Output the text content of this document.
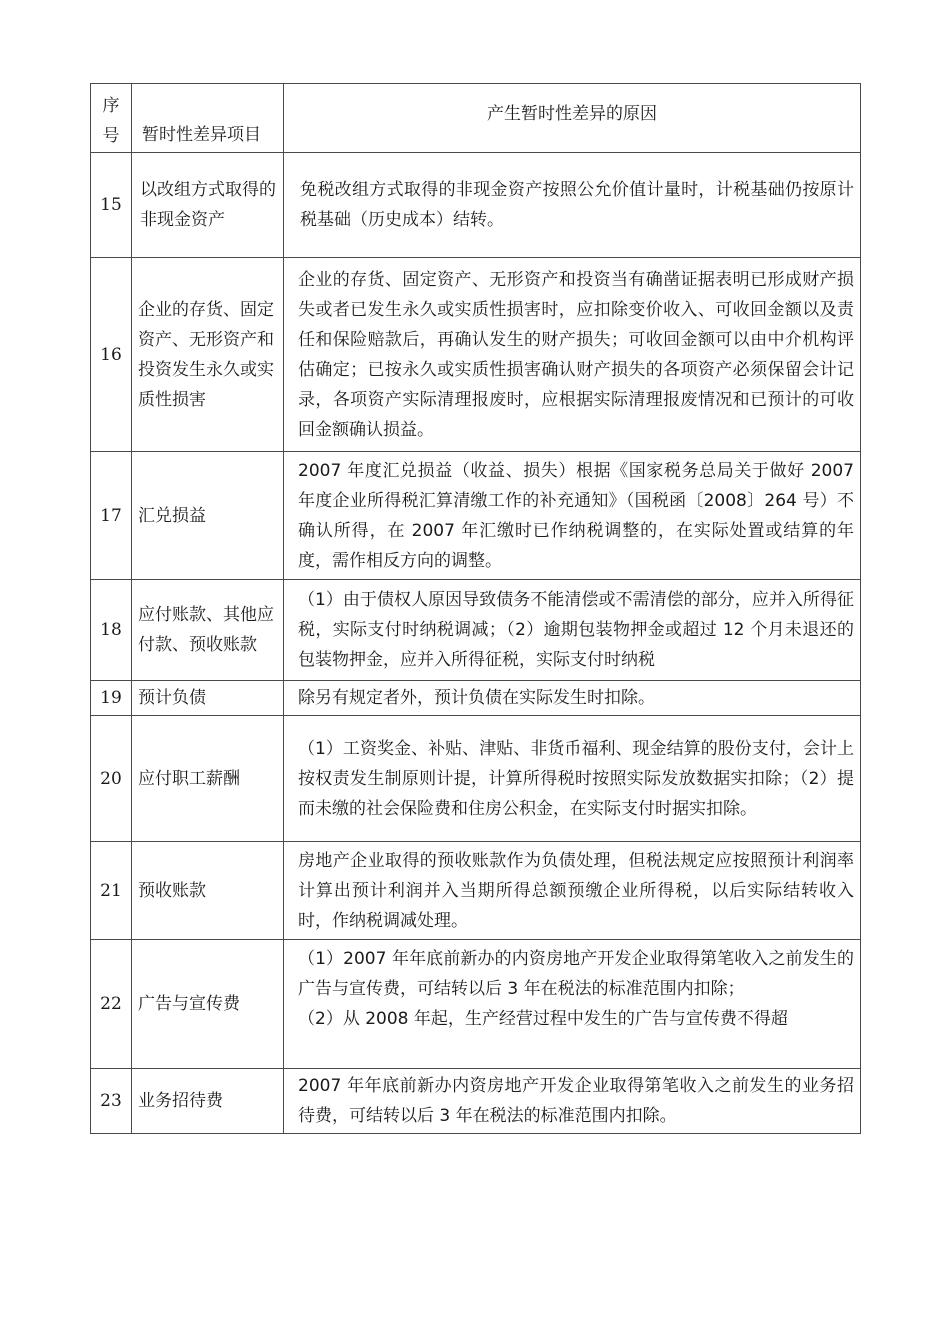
序
号	暂时性差异项目	产生暂时性差异的原因
15	以改组方式取得的非现金资产	免税改组方式取得的非现金资产按照公允价值计量时，计税基础仍按原计税基础（历史成本）结转。

16	企业的存货、固定资产、无形资产和投资发生永久或实质性损害	企业的存货、固定资产、无形资产和投资当有确凿证据表明已形成财产损失或者已发生永久或实质性损害时，应扣除变价收入、可收回金额以及责任和保险赔款后，再确认发生的财产损失；可收回金额可以由中介机构评估确定；已按永久或实质性损害确认财产损失的各项资产必须保留会计记录，各项资产实际清理报废时，应根据实际清理报废情况和已预计的可收回金额确认损益。

17	汇兑损益	2007 年度汇兑损益（收益、损失）根据《国家税务总局关于做好 2007 年度企业所得税汇算清缴工作的补充通知》（国税函〔2008〕264 号）不确认所得，在 2007 年汇缴时已作纳税调整的，在实际处置或结算的年度，需作相反方向的调整。

18	应付账款、其他应付款、预收账款	（1）由于债权人原因导致债务不能清偿或不需清偿的部分，应并入所得征税，实际支付时纳税调减；（2）逾期包装物押金或超过 12 个月未退还的包装物押金，应并入所得征税，实际支付时纳税

19	预计负债	除另有规定者外，预计负债在实际发生时扣除。

20	应付职工薪酬	（1）工资奖金、补贴、津贴、非货币福利、现金结算的股份支付，会计上按权责发生制原则计提，计算所得税时按照实际发放数据实扣除；（2）提而未缴的社会保险费和住房公积金，在实际支付时据实扣除。

21	预收账款	房地产企业取得的预收账款作为负债处理，但税法规定应按照预计利润率计算出预计利润并入当期所得总额预缴企业所得税，以后实际结转收入时，作纳税调减处理。

22	广告与宣传费	（1）2007 年年底前新办的内资房地产开发企业取得第笔收入之前发生的广告与宣传费，可结转以后 3 年在税法的标准范围内扣除；

（2）从 2008 年起，生产经营过程中发生的广告与宣传费不得超

23	业务招待费	2007 年年底前新办内资房地产开发企业取得第笔收入之前发生的业务招待费，可结转以后 3 年在税法的标准范围内扣除。
